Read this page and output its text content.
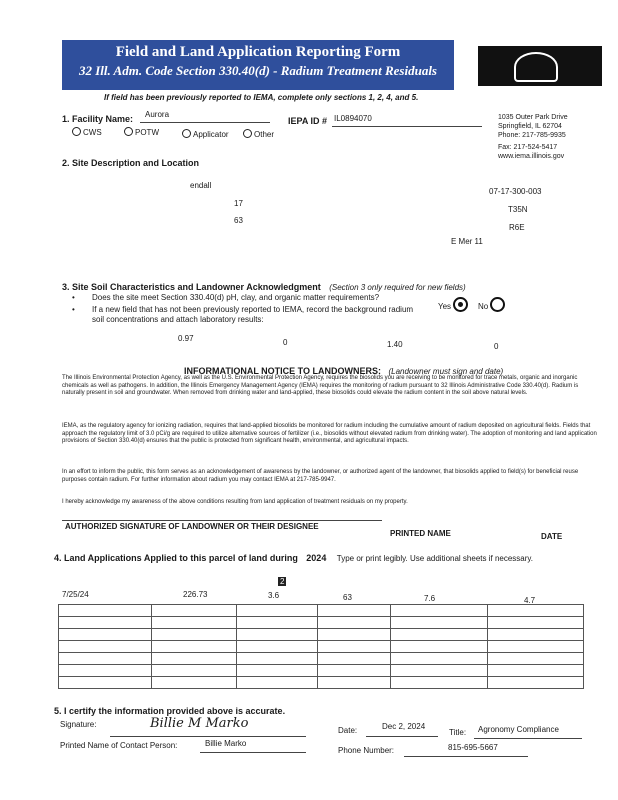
Field and Land Application Reporting Form
32 Ill. Adm. Code Section 330.40(d) - Radium Treatment Residuals
If field has been previously reported to IEMA, complete only sections 1, 2, 4, and 5.
1035 Outer Park Drive
Springfield, IL 62704
Phone: 217-785-9935
Fax: 217-524-5417
www.iema.illinois.gov
1. Facility Name: Aurora
IEPA ID # IL0894070
CWS	POTW	Applicator	Other
2. Site Description and Location
endall
07-17-300-003
17
T35N
63
R6E
E Mer 11
3. Site Soil Characteristics and Landowner Acknowledgment (Section 3 only required for new fields)
• Does the site meet Section 330.40(d) pH, clay, and organic matter requirements?
Yes	No
• If a new field that has not been previously reported to IEMA, record the background radium soil concentrations and attach laboratory results:
0.97	0	1.40	0
INFORMATIONAL NOTICE TO LANDOWNERS: (Landowner must sign and date)
The Illinois Environmental Protection Agency, as well as the U.S. Environmental Protection Agency, requires the biosolids you are receiving to be monitored for trace metals, organic and inorganic chemicals as well as pathogens. In addition, the Illinois Emergency Management Agency (IEMA) requires the monitoring of radium pursuant to 32 Illinois Administrative Code 330.40(d). Radium is naturally present in soil and groundwater. When removed from drinking water and land-applied, these biosolids could elevate the radium content in the soil above natural levels.
IEMA, as the regulatory agency for ionizing radiation, requires that land-applied biosolids be monitored for radium including the cumulative amount of radium deposited on agricultural fields. Fields that approach the regulatory limit of 3.0 pCi/g are required to utilize alternative sources of fertilizer (i.e., biosolids without elevated radium from drinking water). The adoption of monitoring and land application provisions of Section 330.40(d) ensures that the public is protected from significant health, environmental, and agricultural impacts.
In an effort to inform the public, this form serves as an acknowledgement of awareness by the landowner, or authorized agent of the landowner, that biosolids applied to field(s) for beneficial reuse purposes contain radium. For further information about radium you may contact IEMA at 217-785-9947.
I hereby acknowledge my awareness of the above conditions resulting from land application of treatment residuals on my property.
AUTHORIZED SIGNATURE OF LANDOWNER OR THEIR DESIGNEE
PRINTED NAME	DATE
4. Land Applications Applied to this parcel of land during 2024 Type or print legibly. Use additional sheets if necessary.
2
7/25/24	226.73	3.6	63	7.6	4.7

5. I certify the information provided above is accurate.
Signature:	Billie M Marko	Date:	Dec 2, 2024
Title: Agronomy Compliance
Printed Name of Contact Person:	Billie Marko
Phone Number:	815-695-5667
